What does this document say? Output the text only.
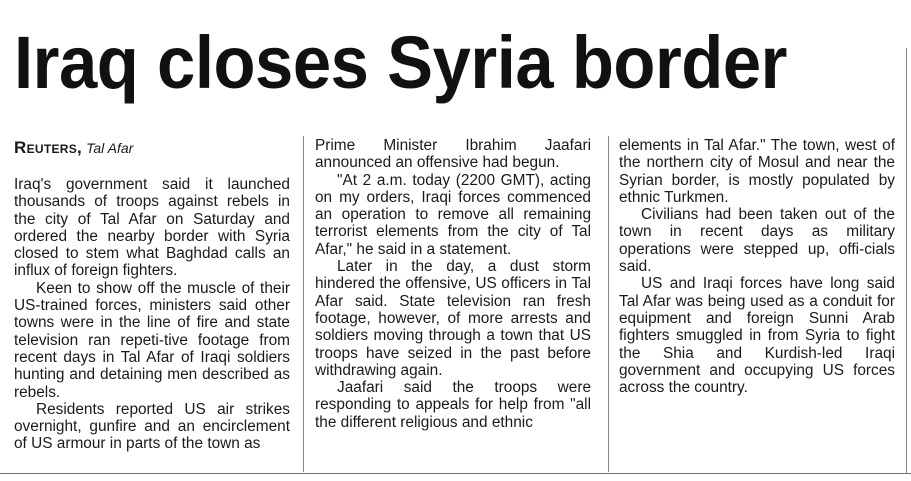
Iraq closes Syria border
Reuters, Tal Afar

Iraq's government said it launched thousands of troops against rebels in the city of Tal Afar on Saturday and ordered the nearby border with Syria closed to stem what Baghdad calls an influx of foreign fighters.

Keen to show off the muscle of their US-trained forces, ministers said other towns were in the line of fire and state television ran repeti-tive footage from recent days in Tal Afar of Iraqi soldiers hunting and detaining men described as rebels.

Residents reported US air strikes overnight, gunfire and an encirclement of US armour in parts of the town as

Prime Minister Ibrahim Jaafari announced an offensive had begun.

"At 2 a.m. today (2200 GMT), acting on my orders, Iraqi forces commenced an operation to remove all remaining terrorist elements from the city of Tal Afar," he said in a statement.

Later in the day, a dust storm hindered the offensive, US officers in Tal Afar said. State television ran fresh footage, however, of more arrests and soldiers moving through a town that US troops have seized in the past before withdrawing again.

Jaafari said the troops were responding to appeals for help from "all the different religious and ethnic

elements in Tal Afar." The town, west of the northern city of Mosul and near the Syrian border, is mostly populated by ethnic Turkmen.

Civilians had been taken out of the town in recent days as military operations were stepped up, offi-cials said.

US and Iraqi forces have long said Tal Afar was being used as a conduit for equipment and foreign Sunni Arab fighters smuggled in from Syria to fight the Shia and Kurdish-led Iraqi government and occupying US forces across the country.
